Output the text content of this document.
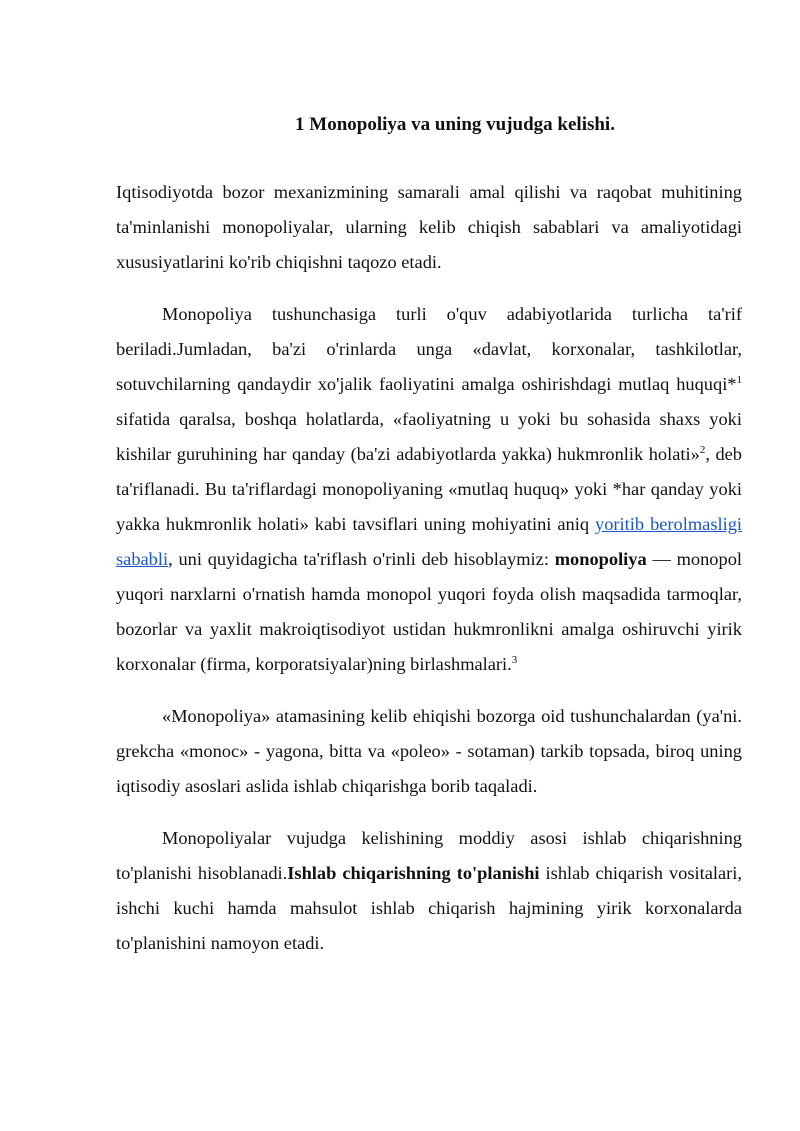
1 Monopoliya va uning vujudga kelishi.

Iqtisodiyotda bozor mexanizmining samarali amal qilishi va raqobat muhitining ta'minlanishi monopoliyalar, ularning kelib chiqish sabablari va amaliyotidagi xususiyatlarini ko'rib chiqishni taqozo etadi.

Monopoliya tushunchasiga turli o'quv adabiyotlarida turlicha ta'rif beriladi.Jumladan, ba'zi o'rinlarda unga «davlat, korxonalar, tashkilotlar, sotuvchilarning qandaydir xo'jalik faoliyatini amalga oshirishdagi mutlaq huquqi*$^1$ sifatida qaralsa, boshqa holatlarda, «faoliyatning u yoki bu sohasida shaxs yoki kishilar guruhining har qanday (ba'zi adabiyotlarda yakka) hukmronlik holati»$^2$, deb ta'riflanadi. Bu ta'riflardagi monopoliyaning «mutlaq huquq» yoki *har qanday yoki yakka hukmronlik holati» kabi tavsiflari uning mohiyatini aniq yoritib berolmasligi sababli, uni quyidagicha ta'riflash o'rinli deb hisoblaymiz: monopoliya — monopol yuqori narxlarni o'rnatish hamda monopol yuqori foyda olish maqsadida tarmoqlar, bozorlar va yaxlit makroiqtisodiyot ustidan hukmronlikni amalga oshiruvchi yirik korxonalar (firma, korporatsiyalar)ning birlashmalari.$^3$

«Monopoliya» atamasining kelib ehiqishi bozorga oid tushunchalardan (ya'ni. grekcha «monoc» - yagona, bitta va «poleo» - sotaman) tarkib topsada, biroq uning iqtisodiy asoslari aslida ishlab chiqarishga borib taqaladi.

Monopoliyalar vujudga kelishining moddiy asosi ishlab chiqarishning to'planishi hisoblanadi.Ishlab chiqarishning to'planishi ishlab chiqarish vositalari, ishchi kuchi hamda mahsulot ishlab chiqarish hajmining yirik korxonalarda to'planishini namoyon etadi.
